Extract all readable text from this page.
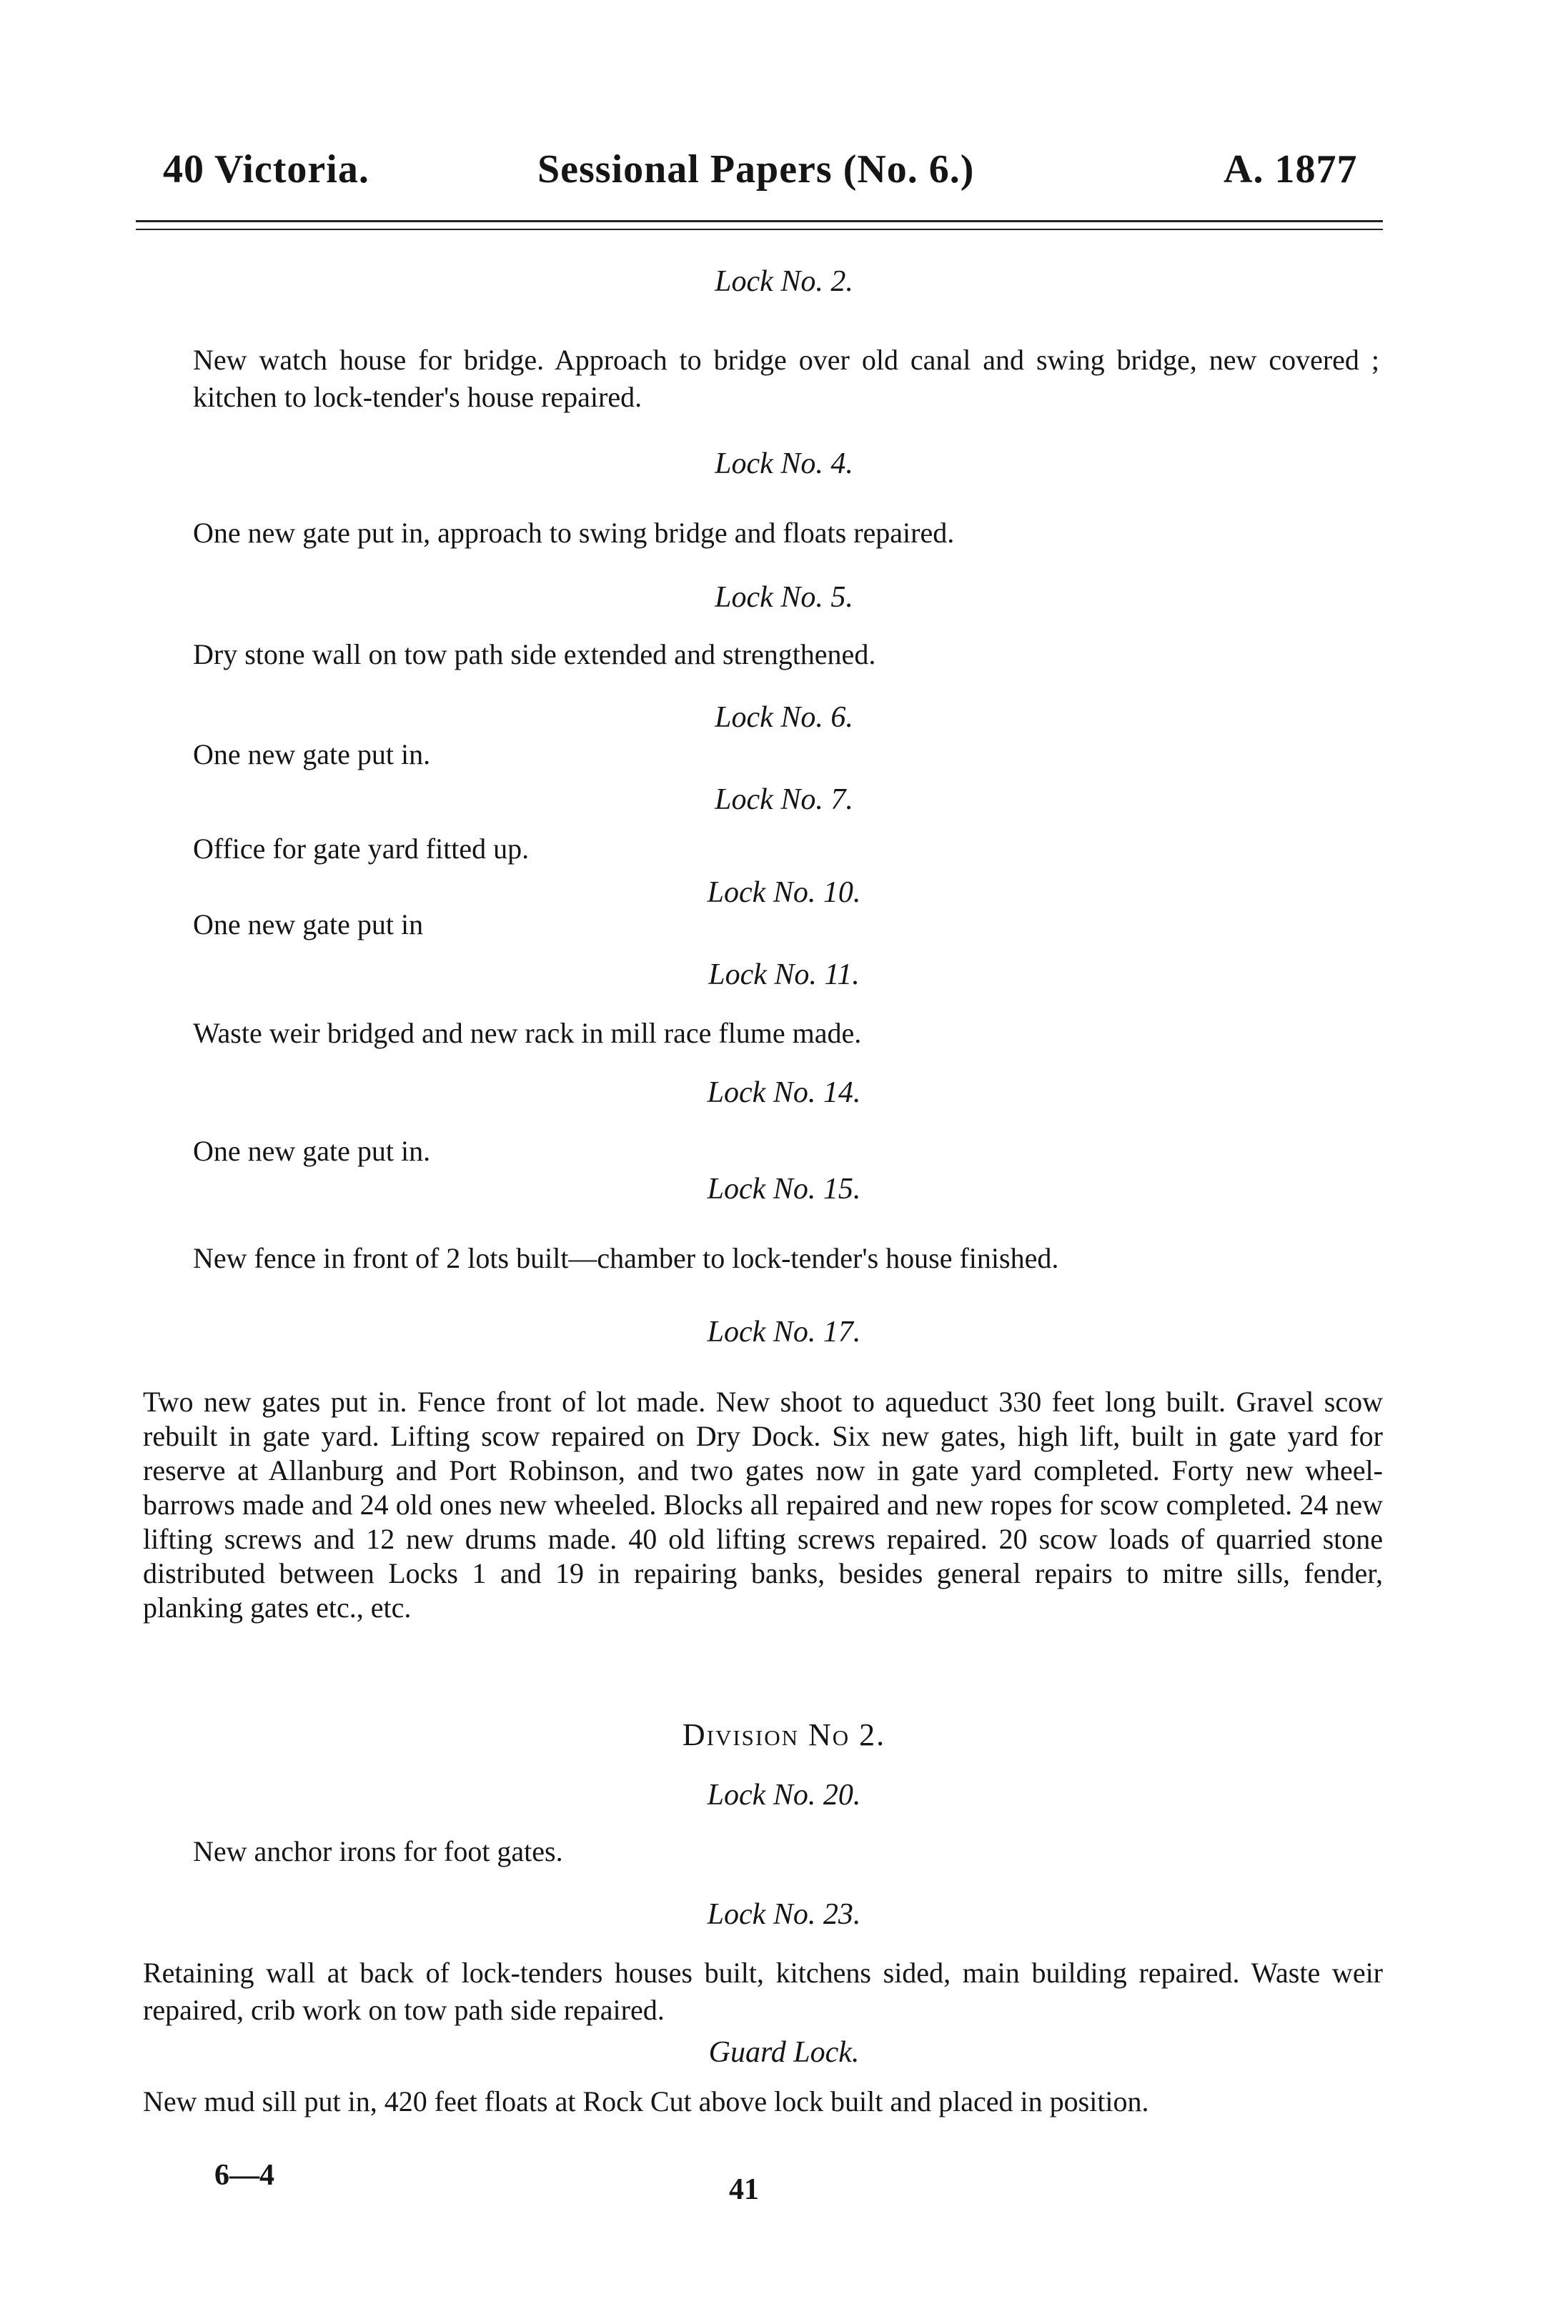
40 Victoria.	Sessional Papers (No. 6.)	A. 1877
Lock No. 2.

New watch house for bridge. Approach to bridge over old canal and swing bridge, new covered ; kitchen to lock-tender's house repaired.

Lock No. 4.

One new gate put in, approach to swing bridge and floats repaired.

Lock No. 5.

Dry stone wall on tow path side extended and strengthened.

Lock No. 6.

One new gate put in.

Lock No. 7.

Office for gate yard fitted up.

Lock No. 10.

One new gate put in

Lock No. 11.

Waste weir bridged and new rack in mill race flume made.

Lock No. 14.

One new gate put in.

Lock No. 15.

New fence in front of 2 lots built—chamber to lock-tender's house finished.

Lock No. 17.

Two new gates put in. Fence front of lot made. New shoot to aqueduct 330 feet long built. Gravel scow rebuilt in gate yard. Lifting scow repaired on Dry Dock. Six new gates, high lift, built in gate yard for reserve at Allanburg and Port Robinson, and two gates now in gate yard completed. Forty new wheel-barrows made and 24 old ones new wheeled. Blocks all repaired and new ropes for scow completed. 24 new lifting screws and 12 new drums made. 40 old lifting screws repaired. 20 scow loads of quarried stone distributed between Locks 1 and 19 in repairing banks, besides general repairs to mitre sills, fender, planking gates etc., etc.

Division No 2.
Lock No. 20.

New anchor irons for foot gates.

Lock No. 23.

Retaining wall at back of lock-tenders houses built, kitchens sided, main building repaired. Waste weir repaired, crib work on tow path side repaired.

Guard Lock.

New mud sill put in, 420 feet floats at Rock Cut above lock built and placed in position.

6—4	41
